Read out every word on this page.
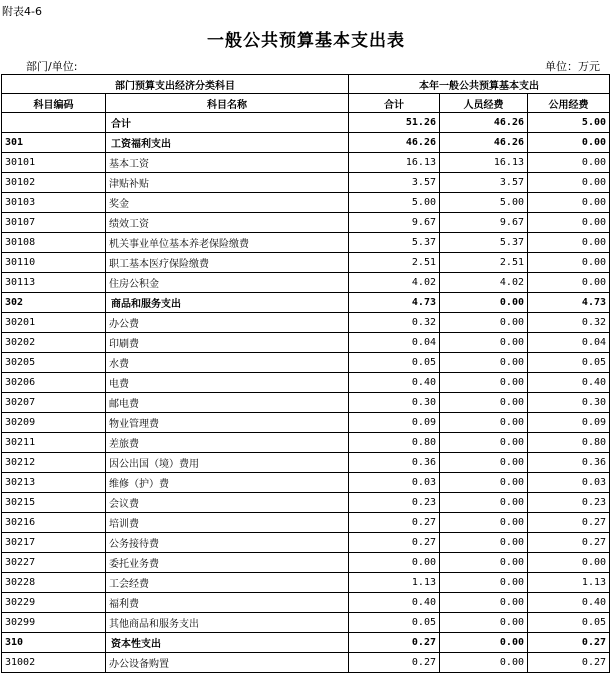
附表4-6
一般公共预算基本支出表
部门/单位:	单位：万元
部门预算支出经济分类科目		本年一般公共预算基本支出		
科目编码	科目名称	合计	人员经费	公用经费
	合计	51.26	46.26	5.00
301	工资福利支出	46.26	46.26	0.00
30101	基本工资	16.13	16.13	0.00
30102	津贴补贴	3.57	3.57	0.00
30103	奖金	5.00	5.00	0.00
30107	绩效工资	9.67	9.67	0.00
30108	机关事业单位基本养老保险缴费	5.37	5.37	0.00
30110	职工基本医疗保险缴费	2.51	2.51	0.00
30113	住房公积金	4.02	4.02	0.00
302	商品和服务支出	4.73	0.00	4.73
30201	办公费	0.32	0.00	0.32
30202	印刷费	0.04	0.00	0.04
30205	水费	0.05	0.00	0.05
30206	电费	0.40	0.00	0.40
30207	邮电费	0.30	0.00	0.30
30209	物业管理费	0.09	0.00	0.09
30211	差旅费	0.80	0.00	0.80
30212	因公出国（境）费用	0.36	0.00	0.36
30213	维修（护）费	0.03	0.00	0.03
30215	会议费	0.23	0.00	0.23
30216	培训费	0.27	0.00	0.27
30217	公务接待费	0.27	0.00	0.27
30227	委托业务费	0.00	0.00	0.00
30228	工会经费	1.13	0.00	1.13
30229	福利费	0.40	0.00	0.40
30299	其他商品和服务支出	0.05	0.00	0.05
310	资本性支出	0.27	0.00	0.27
31002	办公设备购置	0.27	0.00	0.27
